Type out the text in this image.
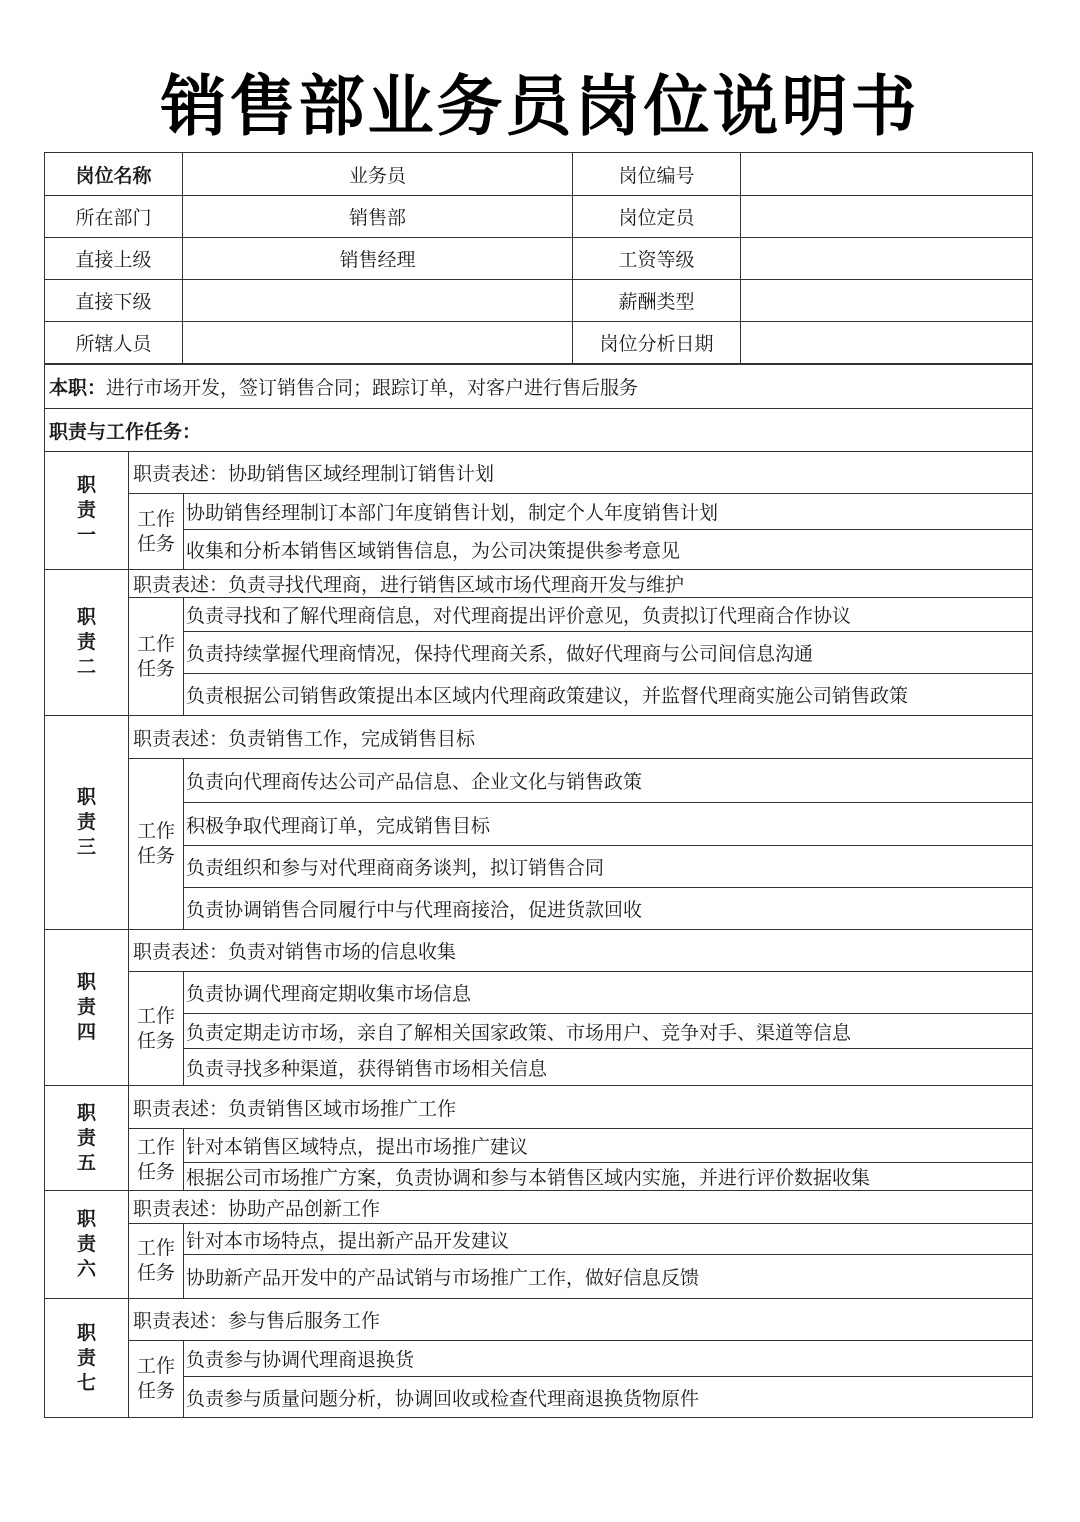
销售部业务员岗位说明书
岗位名称	业务员	岗位编号	
所在部门	销售部	岗位定员	
直接上级	销售经理	工资等级	
直接下级		薪酬类型	
所辖人员		岗位分析日期	
本职：进行市场开发，签订销售合同；跟踪订单，对客户进行售后服务		
职责与工作任务：		
职责一	职责表述：协助销售区域经理制订销售计划	
	工作任务	协助销售经理制订本部门年度销售计划，制定个人年度销售计划
		收集和分析本销售区域销售信息，为公司决策提供参考意见
职责二	职责表述：负责寻找代理商，进行销售区域市场代理商开发与维护	
	工作任务	负责寻找和了解代理商信息，对代理商提出评价意见，负责拟订代理商合作协议
		负责持续掌握代理商情况，保持代理商关系，做好代理商与公司间信息沟通
		负责根据公司销售政策提出本区域内代理商政策建议，并监督代理商实施公司销售政策
职责三	职责表述：负责销售工作，完成销售目标	
	工作任务	负责向代理商传达公司产品信息、企业文化与销售政策
		积极争取代理商订单，完成销售目标
		负责组织和参与对代理商商务谈判，拟订销售合同
		负责协调销售合同履行中与代理商接洽，促进货款回收
职责四	职责表述：负责对销售市场的信息收集	
	工作任务	负责协调代理商定期收集市场信息
		负责定期走访市场，亲自了解相关国家政策、市场用户、竞争对手、渠道等信息
		负责寻找多种渠道，获得销售市场相关信息
职责五	职责表述：负责销售区域市场推广工作	
	工作任务	针对本销售区域特点，提出市场推广建议
		根据公司市场推广方案，负责协调和参与本销售区域内实施，并进行评价数据收集
职责六	职责表述：协助产品创新工作	
	工作任务	针对本市场特点，提出新产品开发建议
		协助新产品开发中的产品试销与市场推广工作，做好信息反馈
职责七	职责表述：参与售后服务工作	
	工作任务	负责参与协调代理商退换货
		负责参与质量问题分析，协调回收或检查代理商退换货物原件
